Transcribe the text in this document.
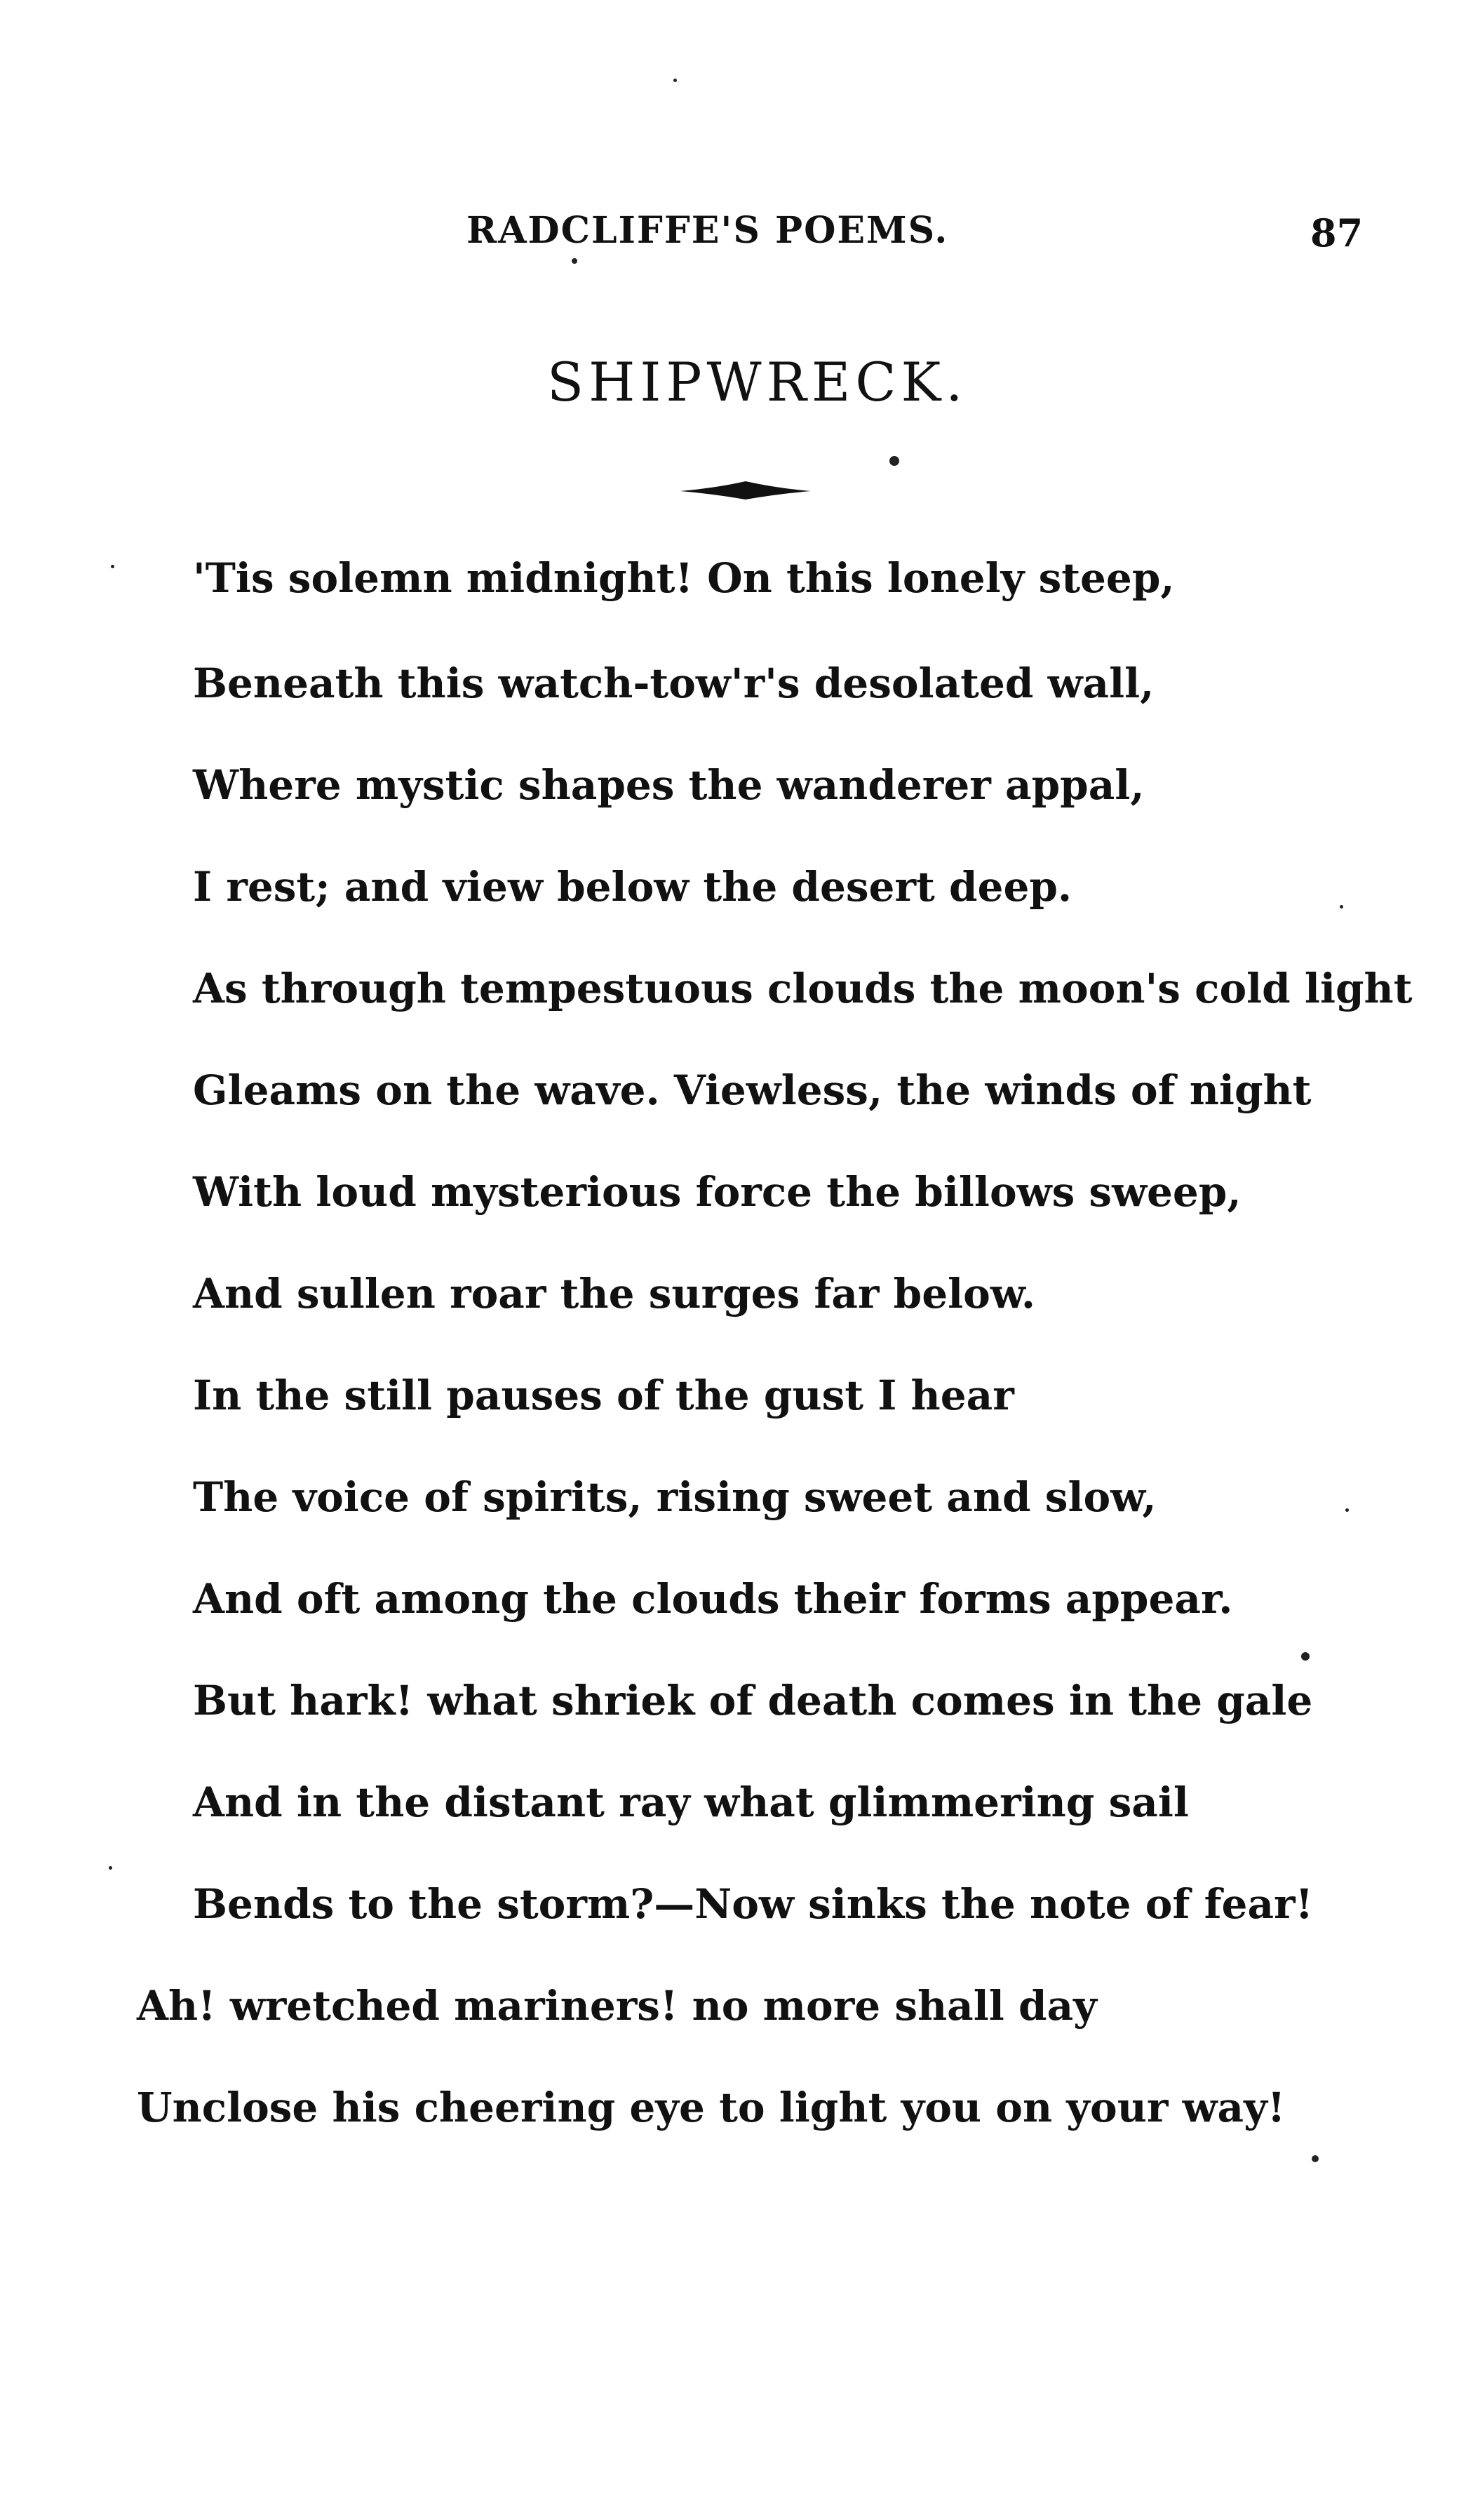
RADCLIFFE'S POEMS.	87
SHIPWRECK.
'Tis solemn midnight! On this lonely steep,
Beneath this watch-tow'r's desolated wall,
Where mystic shapes the wanderer appal,
I rest; and view below the desert deep.
As through tempestuous clouds the moon's cold light
Gleams on the wave. Viewless, the winds of night
With loud mysterious force the billows sweep,
And sullen roar the surges far below.
In the still pauses of the gust I hear
The voice of spirits, rising sweet and slow,
And oft among the clouds their forms appear.
But hark! what shriek of death comes in the gale
And in the distant ray what glimmering sail
Bends to the storm?—Now sinks the note of fear!
Ah! wretched mariners! no more shall day
Unclose his cheering eye to light you on your way!
